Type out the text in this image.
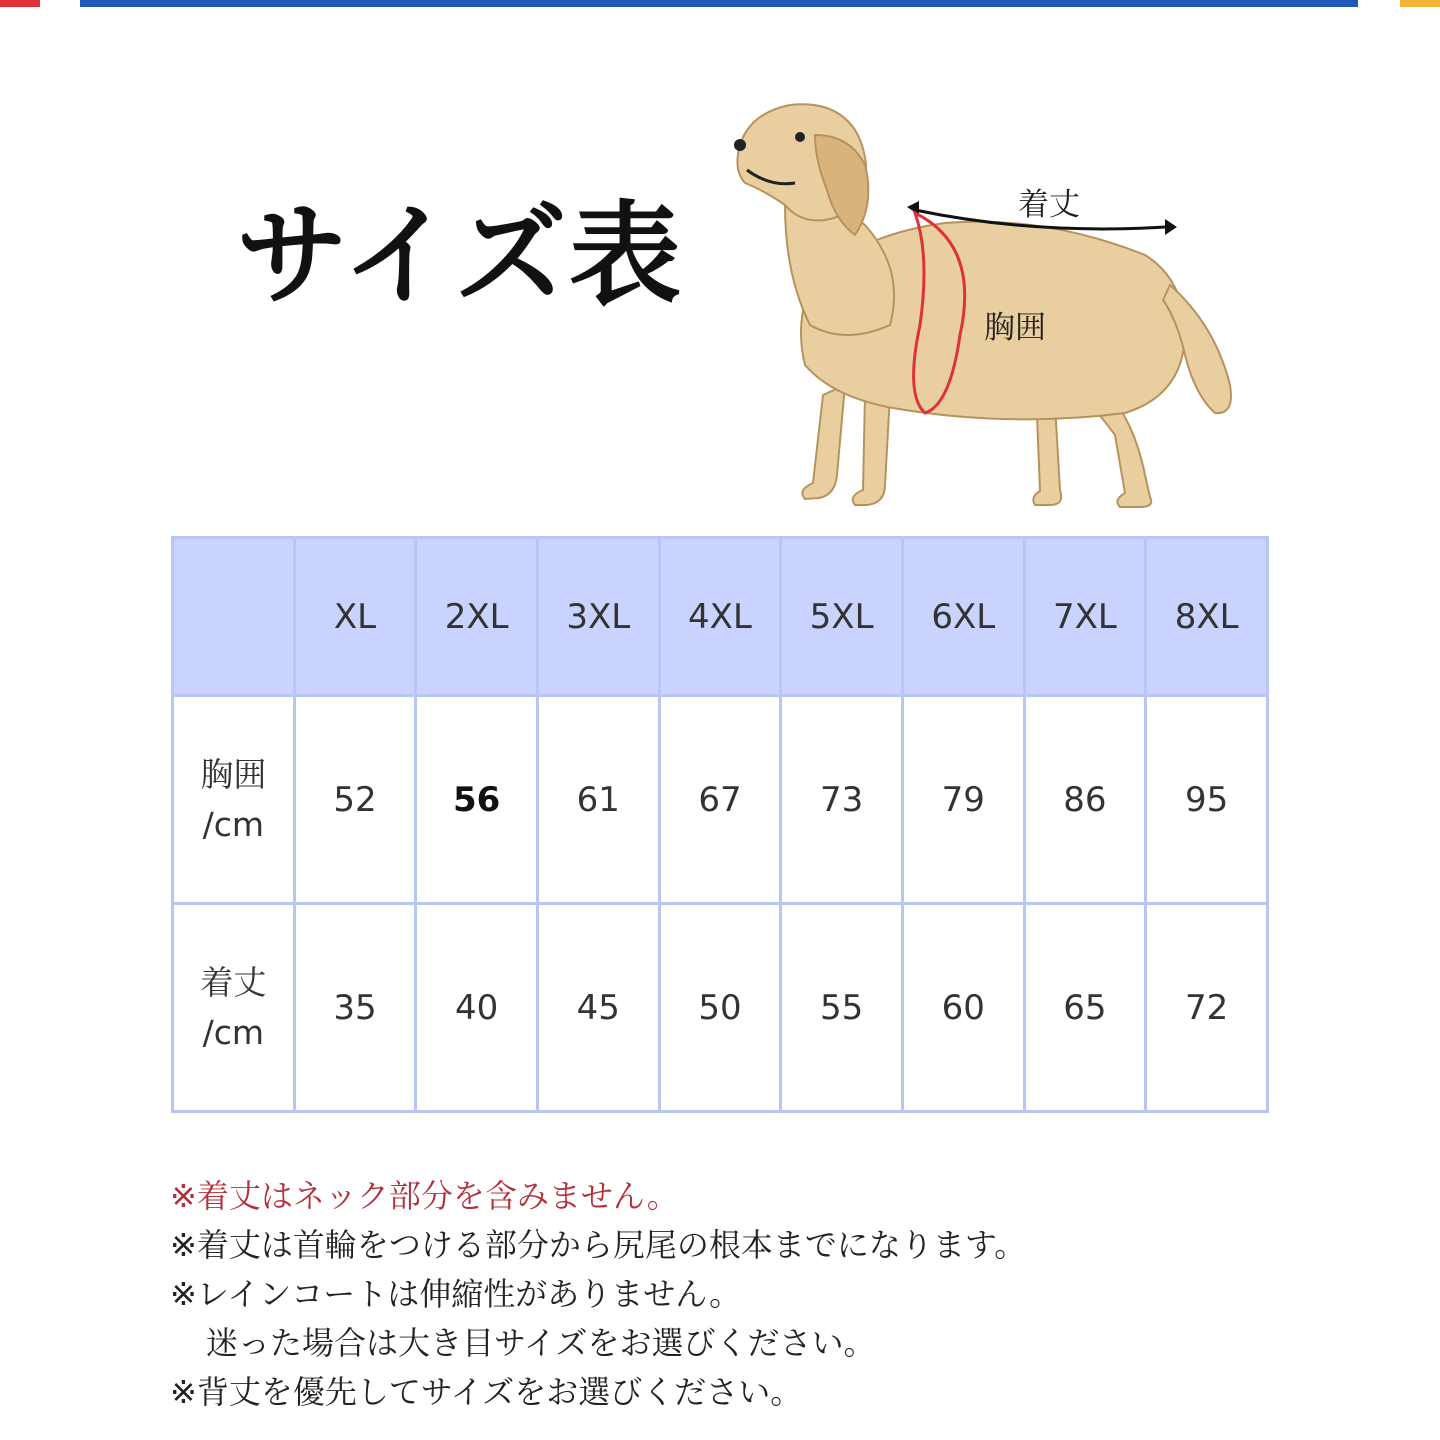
サイズ表	着丈
胸囲
	XL	2XL	3XL	4XL	5XL	6XL	7XL	8XL
胸囲
/cm	52	56	61	67	73	79	86	95
着丈
/cm	35	40	45	50	55	60	65	72
※着丈はネック部分を含みません。
※着丈は首輪をつける部分から尻尾の根本までになります。
※レインコートは伸縮性がありません。
迷った場合は大き目サイズをお選びください。
※背丈を優先してサイズをお選びください。
